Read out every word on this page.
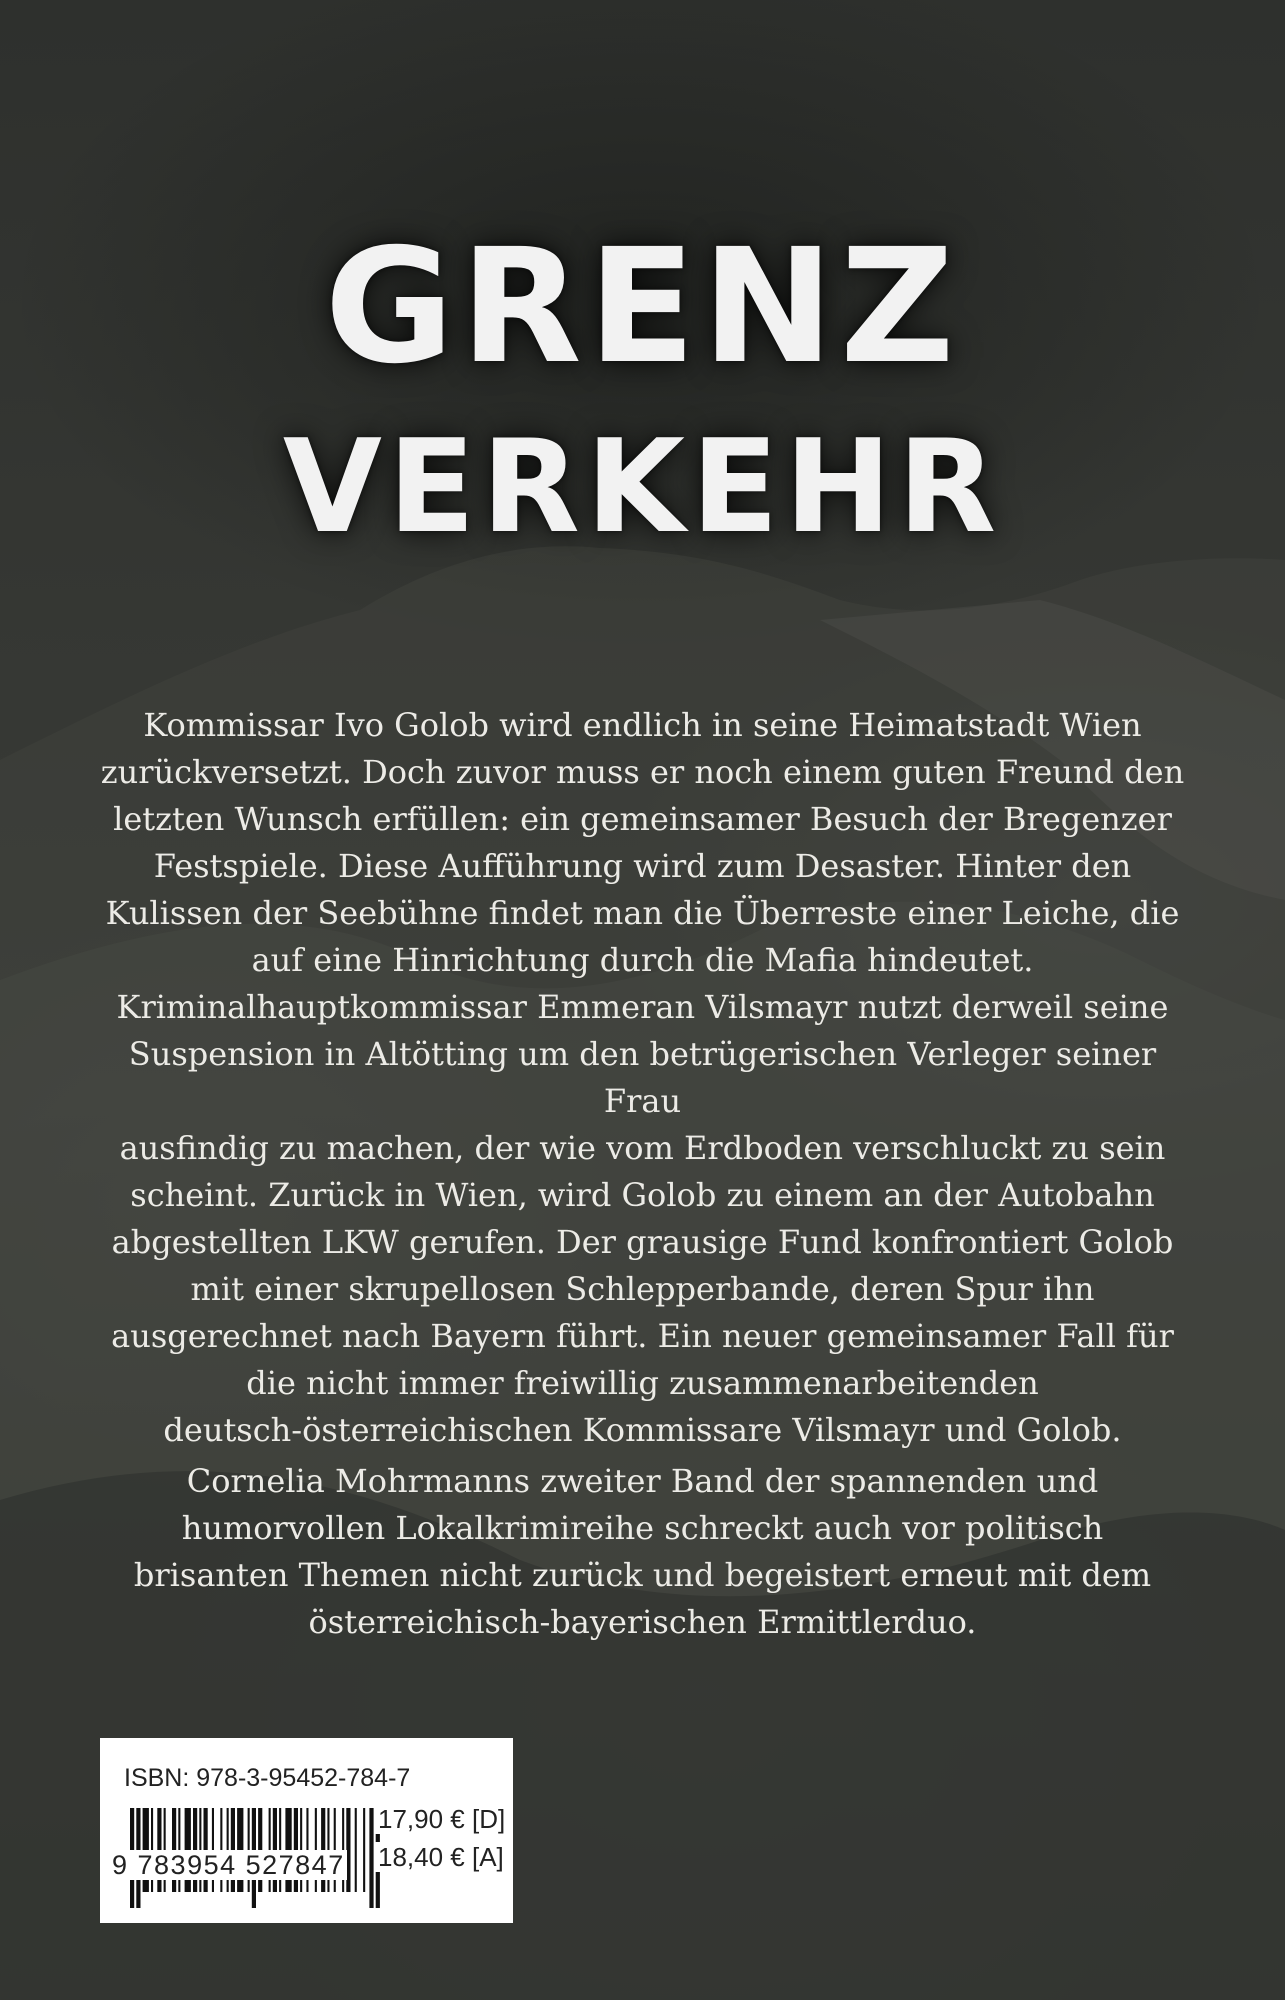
GRENZ
VERKEHR
Kommissar Ivo Golob wird endlich in seine Heimatstadt Wien
zurückversetzt. Doch zuvor muss er noch einem guten Freund den
letzten Wunsch erfüllen: ein gemeinsamer Besuch der Bregenzer
Festspiele. Diese Aufführung wird zum Desaster. Hinter den
Kulissen der Seebühne findet man die Überreste einer Leiche, die
auf eine Hinrichtung durch die Mafia hindeutet.
Kriminalhauptkommissar Emmeran Vilsmayr nutzt derweil seine
Suspension in Altötting um den betrügerischen Verleger seiner Frau
ausfindig zu machen, der wie vom Erdboden verschluckt zu sein
scheint. Zurück in Wien, wird Golob zu einem an der Autobahn
abgestellten LKW gerufen. Der grausige Fund konfrontiert Golob
mit einer skrupellosen Schlepperbande, deren Spur ihn
ausgerechnet nach Bayern führt. Ein neuer gemeinsamer Fall für
die nicht immer freiwillig zusammenarbeitenden
deutsch-österreichischen Kommissare Vilsmayr und Golob.
Cornelia Mohrmanns zweiter Band der spannenden und
humorvollen Lokalkrimireihe schreckt auch vor politisch
brisanten Themen nicht zurück und begeistert erneut mit dem
österreichisch-bayerischen Ermittlerduo.
ISBN: 978-3-95452-784-7
9 783954 527847
17,90 € [D]
18,40 € [A]
